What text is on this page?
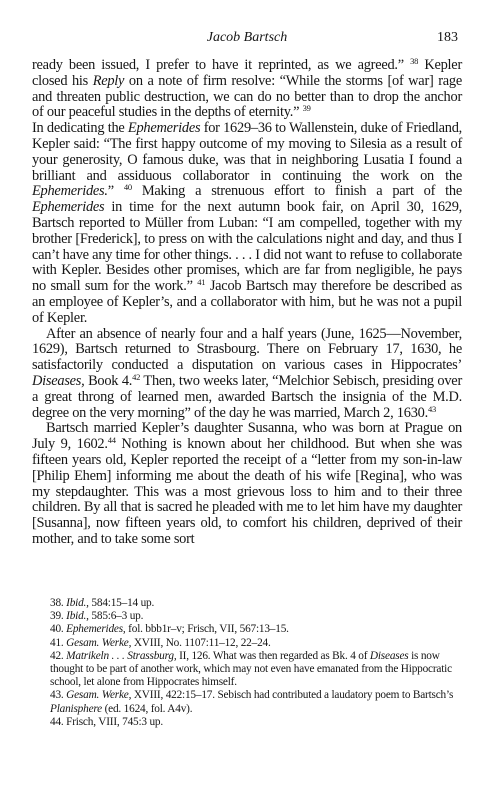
Jacob Bartsch	183

ready been issued, I prefer to have it reprinted, as we agreed.” $^{38}$ Kepler closed his Reply on a note of firm resolve: “While the storms [of war] rage and threaten public destruction, we can do no better than to drop the anchor of our peaceful studies in the depths of eternity.” $^{39}$

In dedicating the Ephemerides for 1629–36 to Wallenstein, duke of Friedland, Kepler said: “The first happy outcome of my moving to Silesia as a result of your generosity, O famous duke, was that in neighboring Lusatia I found a brilliant and assiduous collaborator in continuing the work on the Ephemerides.” $^{40}$ Making a strenuous effort to finish a part of the Ephemerides in time for the next autumn book fair, on April 30, 1629, Bartsch reported to Müller from Luban: “I am compelled, together with my brother [Frederick], to press on with the calculations night and day, and thus I can’t have any time for other things. . . . I did not want to refuse to collaborate with Kepler. Besides other promises, which are far from negligible, he pays no small sum for the work.” $^{41}$ Jacob Bartsch may therefore be described as an employee of Kepler’s, and a collaborator with him, but he was not a pupil of Kepler.

After an absence of nearly four and a half years (June, 1625—November, 1629), Bartsch returned to Strasbourg. There on February 17, 1630, he satisfactorily conducted a disputation on various cases in Hippocrates’ Diseases, Book 4.42 Then, two weeks later, “Melchior Sebisch, presiding over a great throng of learned men, awarded Bartsch the insignia of the M.D. degree on the very morning” of the day he was married, March 2, 1630.43

Bartsch married Kepler’s daughter Susanna, who was born at Prague on July 9, 1602.44 Nothing is known about her childhood. But when she was fifteen years old, Kepler reported the receipt of a “letter from my son-in-law [Philip Ehem] informing me about the death of his wife [Regina], who was my stepdaughter. This was a most grievous loss to him and to their three children. By all that is sacred he pleaded with me to let him have my daughter [Susanna], now fifteen years old, to comfort his children, deprived of their mother, and to take some sort

38. Ibid., 584:15–14 up.

39. Ibid., 585:6–3 up.

40. Ephemerides, fol. bbb1r–v; Frisch, VII, 567:13–15.

41. Gesam. Werke, XVIII, No. 1107:11–12, 22–24.

42. Matrikeln . . . Strassburg, II, 126. What was then regarded as Bk. 4 of Diseases is now thought to be part of another work, which may not even have emanated from the Hippocratic school, let alone from Hippocrates himself.

43. Gesam. Werke, XVIII, 422:15–17. Sebisch had contributed a laudatory poem to Bartsch’s Planisphere (ed. 1624, fol. A4v).

44. Frisch, VIII, 745:3 up.
